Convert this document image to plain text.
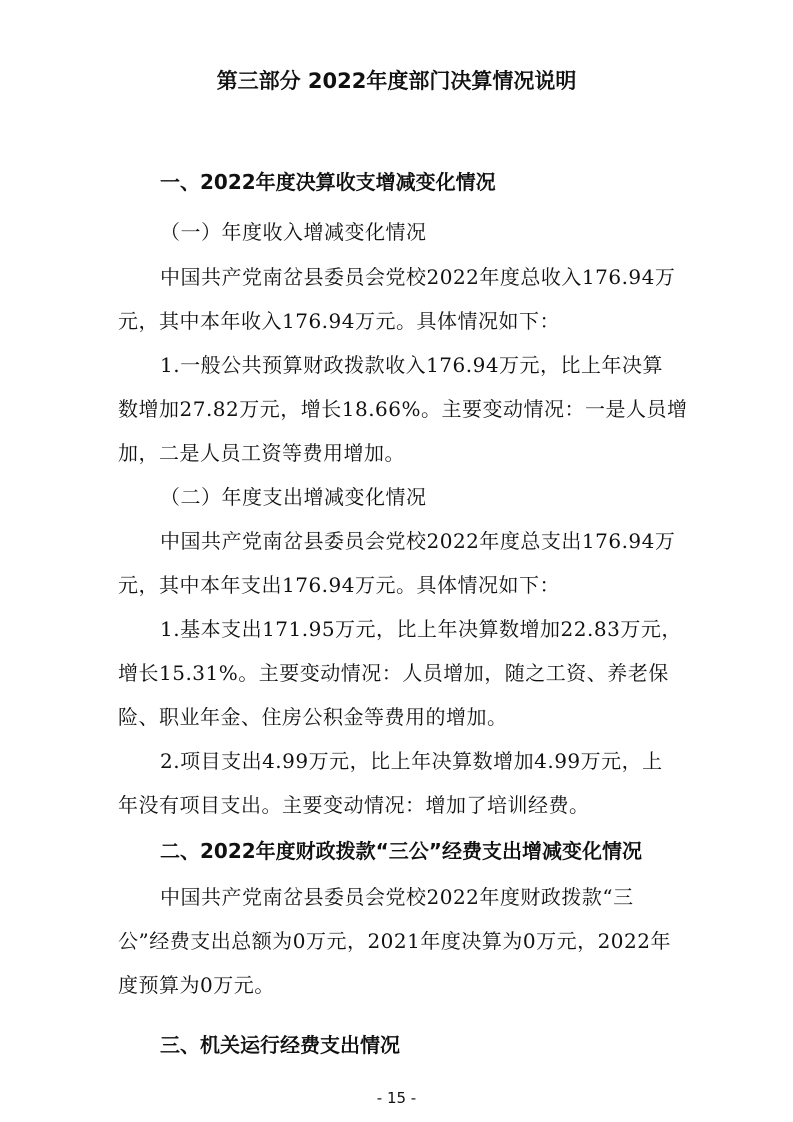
第三部分 2022年度部门决算情况说明
一、2022年度决算收支增减变化情况

（一）年度收入增减变化情况

中国共产党南岔县委员会党校2022年度总收入176.94万

元，其中本年收入176.94万元。具体情况如下：

1.一般公共预算财政拨款收入176.94万元，比上年决算

数增加27.82万元，增长18.66%。主要变动情况：一是人员增

加，二是人员工资等费用增加。

（二）年度支出增减变化情况

中国共产党南岔县委员会党校2022年度总支出176.94万

元，其中本年支出176.94万元。具体情况如下：

1.基本支出171.95万元，比上年决算数增加22.83万元，

增长15.31%。主要变动情况：人员增加，随之工资、养老保

险、职业年金、住房公积金等费用的增加。

2.项目支出4.99万元，比上年决算数增加4.99万元，上

年没有项目支出。主要变动情况：增加了培训经费。

二、2022年度财政拨款“三公”经费支出增减变化情况

中国共产党南岔县委员会党校2022年度财政拨款“三

公”经费支出总额为0万元，2021年度决算为0万元，2022年

度预算为0万元。

三、机关运行经费支出情况
- 15 -
